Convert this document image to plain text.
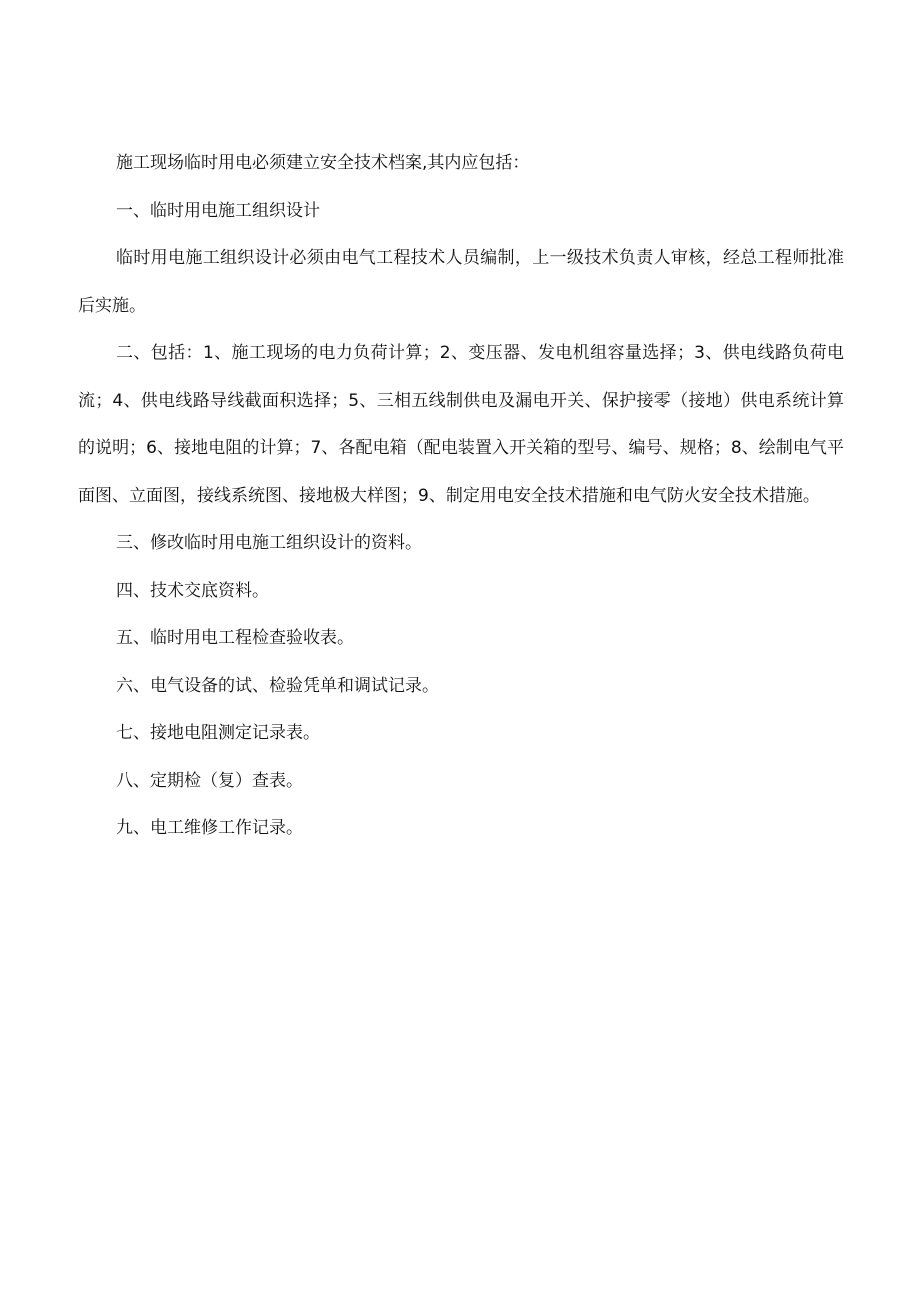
施工现场临时用电必须建立安全技术档案,其内应包括：

一、临时用电施工组织设计

临时用电施工组织设计必须由电气工程技术人员编制，上一级技术负责人审核，经总工程师批准后实施。

二、包括：1、施工现场的电力负荷计算；2、变压器、发电机组容量选择；3、供电线路负荷电流；4、供电线路导线截面积选择；5、三相五线制供电及漏电开关、保护接零（接地）供电系统计算的说明；6、接地电阻的计算；7、各配电箱（配电装置入开关箱的型号、编号、规格；8、绘制电气平面图、立面图，接线系统图、接地极大样图；9、制定用电安全技术措施和电气防火安全技术措施。

三、修改临时用电施工组织设计的资料。

四、技术交底资料。

五、临时用电工程检查验收表。

六、电气设备的试、检验凭单和调试记录。

七、接地电阻测定记录表。

八、定期检（复）查表。

九、电工维修工作记录。
